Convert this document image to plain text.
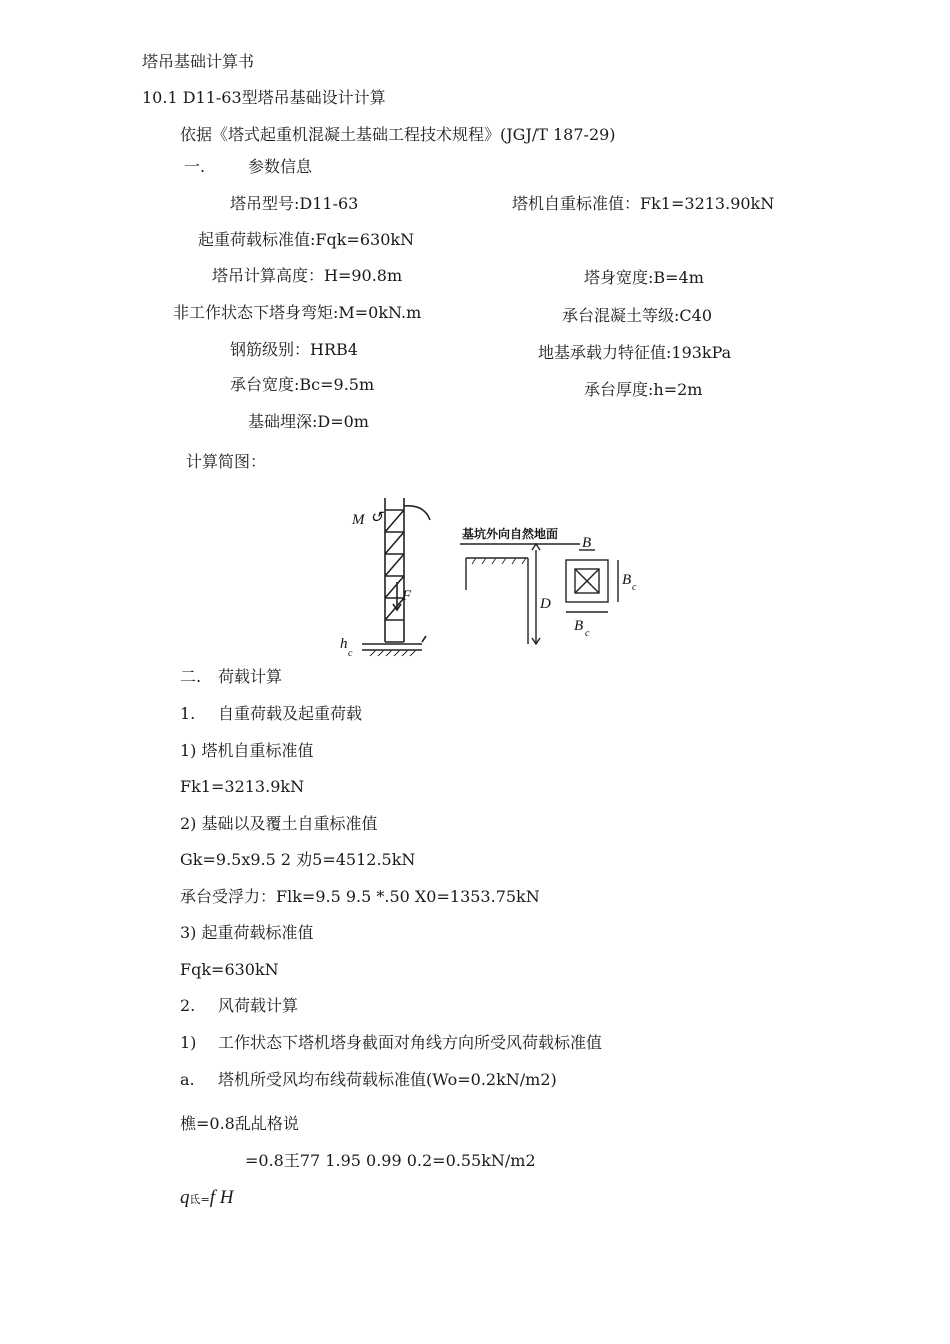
塔吊基础计算书
10.1 D11-63型塔吊基础设计计算
依据《塔式起重机混凝土基础工程技术规程》(JGJ/T 187-29)
一.	参数信息
塔吊型号:D11-63	塔机自重标准值：Fk1=3213.90kN
起重荷载标准值:Fqk=630kN
塔吊计算高度：H=90.8m	塔身宽度:B=4m
非工作状态下塔身弯矩:M=0kN.m	承台混凝土等级:C40
钢筋级别：HRB4	地基承载力特征值:193kPa
承台宽度:Bc=9.5m	承台厚度:h=2m
基础埋深:D=0m
计算简图：
M ↺
F
h
c
基坑外向自然地面
B
B c
B c
D
二. 荷载计算
1. 自重荷载及起重荷载
1) 塔机自重标准值
Fk1=3213.9kN
2) 基础以及覆土自重标准值
Gk=9.5x9.5 2 劝5=4512.5kN
承台受浮力：Flk=9.5 9.5 *.50 X0=1353.75kN
3) 起重荷载标准值
Fqk=630kN
2. 风荷载计算
1) 工作状态下塔机塔身截面对角线方向所受风荷载标准值
a. 塔机所受风均布线荷载标准值(Wo=0.2kN/m2)
樵=0.8乱乩格说
=0.8王77 1.95 0.99 0.2=0.55kN/m2
q氐=f H
